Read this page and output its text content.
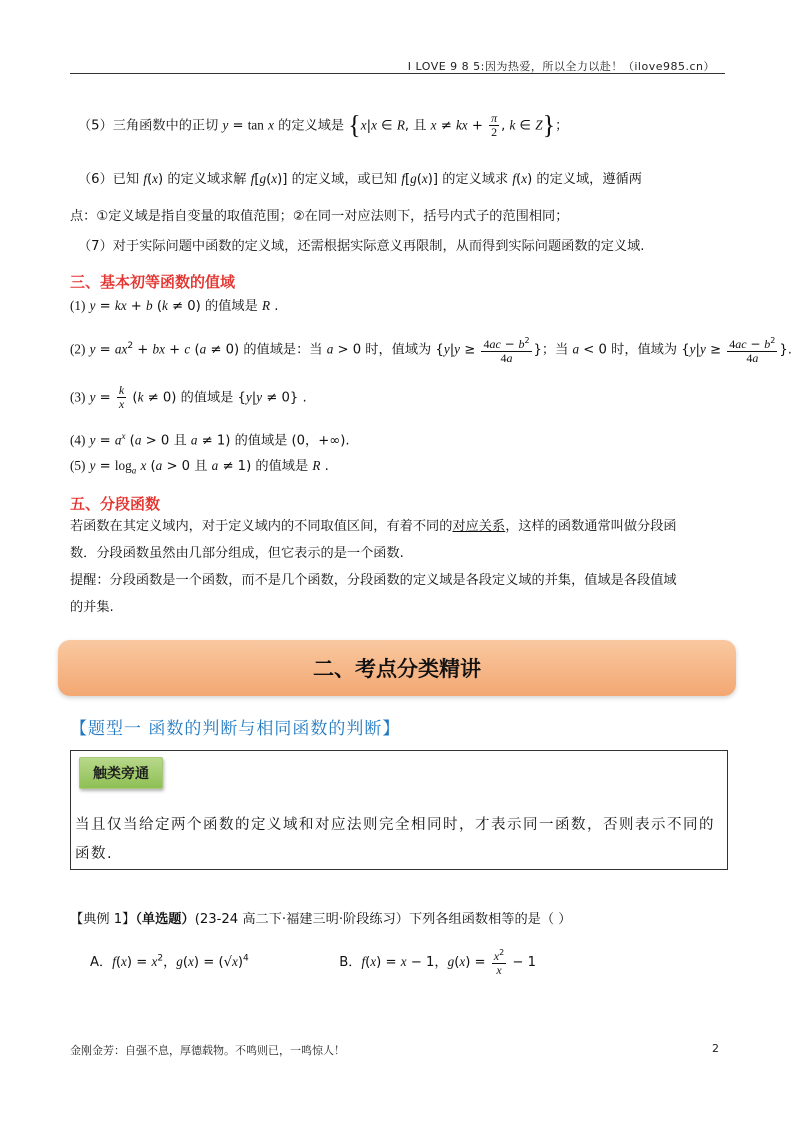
I LOVE 9 8 5:因为热爱，所以全力以赴！（ilove985.cn）
（5）三角函数中的正切 y = tan x 的定义域是 {x|x ∈ R, 且 x ≠ kx + $\frac{\pi}{2}$ , k ∈ Z}；
（6）已知 f(x) 的定义域求解 f[g(x)] 的定义域，或已知 f[g(x)] 的定义域求 f(x) 的定义域，遵循两
点：①定义域是指自变量的取值范围；②在同一对应法则下，括号内式子的范围相同；
（7）对于实际问题中函数的定义域，还需根据实际意义再限制，从而得到实际问题函数的定义域.
三、基本初等函数的值域
(1) y = kx + b (k ≠ 0) 的值域是 R .
(2) $y = ax^2$ + bx + c (a ≠ 0) 的值域是：当 a > 0 时，值域为 {$y|y \ge \frac{4ac - b^2}{4a}$ }；当 a < 0 时，值域为 {$y|y \ge \frac{4ac - b^2}{4a}$ }.
(3) $y = \frac{k}{x} (k \ne 0)$ 的值域是 {y|y ≠ 0} .
(4) $y = a^x$ (a > 0 且 a ≠ 1) 的值域是 (0，+∞).
(5) $y = \log_a x$ (a > 0 且 a ≠ 1) 的值域是 R .
五、分段函数
若函数在其定义域内，对于定义域内的不同取值区间，有着不同的对应关系，这样的函数通常叫做分段函
数．分段函数虽然由几部分组成，但它表示的是一个函数.
提醒：分段函数是一个函数，而不是几个函数，分段函数的定义域是各段定义域的并集，值域是各段值域
的并集.
二、考点分类精讲
【题型一 函数的判断与相同函数的判断】
触类旁通
当且仅当给定两个函数的定义域和对应法则完全相同时，才表示同一函数，否则表示不同的函数.
【典例 1】（单选题）(23-24 高二下·福建三明·阶段练习）下列各组函数相等的是（ ）
A．$f(x) = x^2$，$g(x) = (√x)^4$	B．f(x) = x − 1，$g(x) = \frac{x^2}{x} - 1$
金刚金芳：自强不息，厚德载物。不鸣则已，一鸣惊人！	2
